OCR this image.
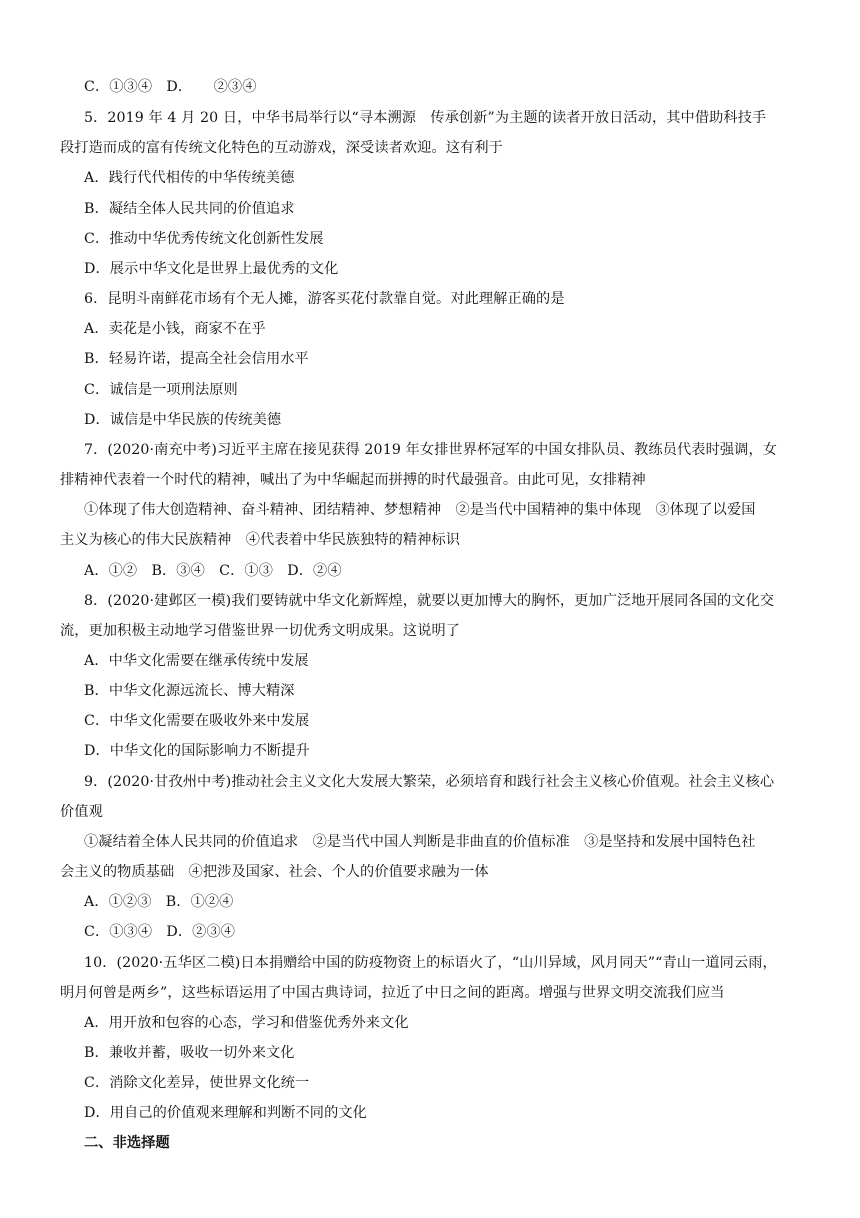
C．①③④　D．　　②③④
5．2019 年 4 月 20 日，中华书局举行以“寻本溯源　传承创新”为主题的读者开放日活动，其中借助科技手
段打造而成的富有传统文化特色的互动游戏，深受读者欢迎。这有利于
A．践行代代相传的中华传统美德
B．凝结全体人民共同的价值追求
C．推动中华优秀传统文化创新性发展
D．展示中华文化是世界上最优秀的文化
6．昆明斗南鲜花市场有个无人摊，游客买花付款靠自觉。对此理解正确的是
A．卖花是小钱，商家不在乎
B．轻易许诺，提高全社会信用水平
C．诚信是一项刑法原则
D．诚信是中华民族的传统美德
7．(2020·南充中考)习近平主席在接见获得 2019 年女排世界杯冠军的中国女排队员、教练员代表时强调，女
排精神代表着一个时代的精神，喊出了为中华崛起而拼搏的时代最强音。由此可见，女排精神
①体现了伟大创造精神、奋斗精神、团结精神、梦想精神　②是当代中国精神的集中体现　③体现了以爱国
主义为核心的伟大民族精神　④代表着中华民族独特的精神标识
A．①②　B．③④　C．①③　D．②④
8．(2020·建邺区一模)我们要铸就中华文化新辉煌，就要以更加博大的胸怀，更加广泛地开展同各国的文化交
流，更加积极主动地学习借鉴世界一切优秀文明成果。这说明了
A．中华文化需要在继承传统中发展
B．中华文化源远流长、博大精深
C．中华文化需要在吸收外来中发展
D．中华文化的国际影响力不断提升
9．(2020·甘孜州中考)推动社会主义文化大发展大繁荣，必须培育和践行社会主义核心价值观。社会主义核心
价值观
①凝结着全体人民共同的价值追求　②是当代中国人判断是非曲直的价值标准　③是坚持和发展中国特色社
会主义的物质基础　④把涉及国家、社会、个人的价值要求融为一体
A．①②③　B．①②④
C．①③④　D．②③④
10．(2020·五华区二模)日本捐赠给中国的防疫物资上的标语火了，“山川异域，风月同天”“青山一道同云雨，
明月何曾是两乡”，这些标语运用了中国古典诗词，拉近了中日之间的距离。增强与世界文明交流我们应当
A．用开放和包容的心态，学习和借鉴优秀外来文化
B．兼收并蓄，吸收一切外来文化
C．消除文化差异，使世界文化统一
D．用自己的价值观来理解和判断不同的文化
二、非选择题
